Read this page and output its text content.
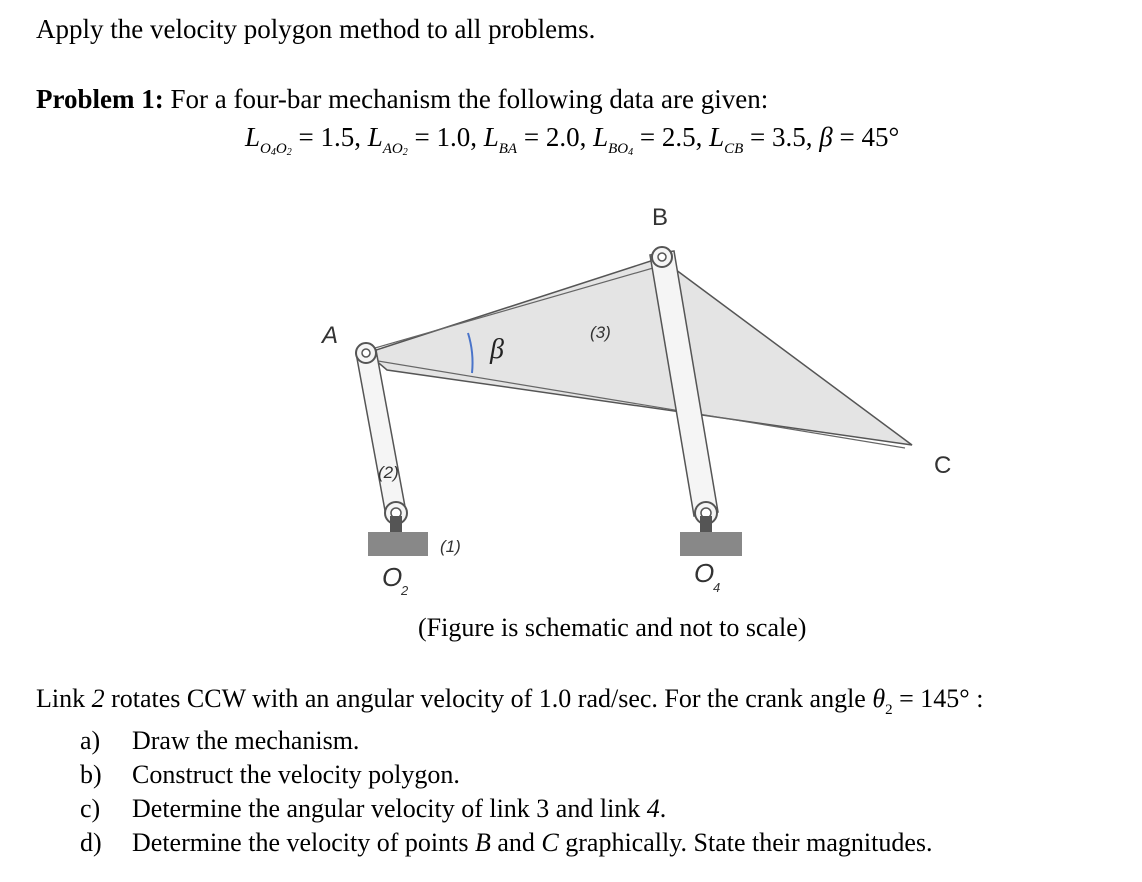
Apply the velocity polygon method to all problems.
Problem 1: For a four-bar mechanism the following data are given:
$L_{O_4O_2} = 1.5$, $L_{AO_2} = 1.0$, $L_{BA} = 2.0$, $L_{BO_4} = 2.5$, $L_{CB} = 3.5$, β = 45°
A
B
C
(3)
(2)
(1)
β
O
2
O
4
(Figure is schematic and not to scale)
Link 2 rotates CCW with an angular velocity of 1.0 rad/sec. For the crank angle $\theta_2 = 145^\circ$ :
a)	Draw the mechanism.
b)	Construct the velocity polygon.
c)	Determine the angular velocity of link 3 and link 4.
d)	Determine the velocity of points B and C graphically. State their magnitudes.
